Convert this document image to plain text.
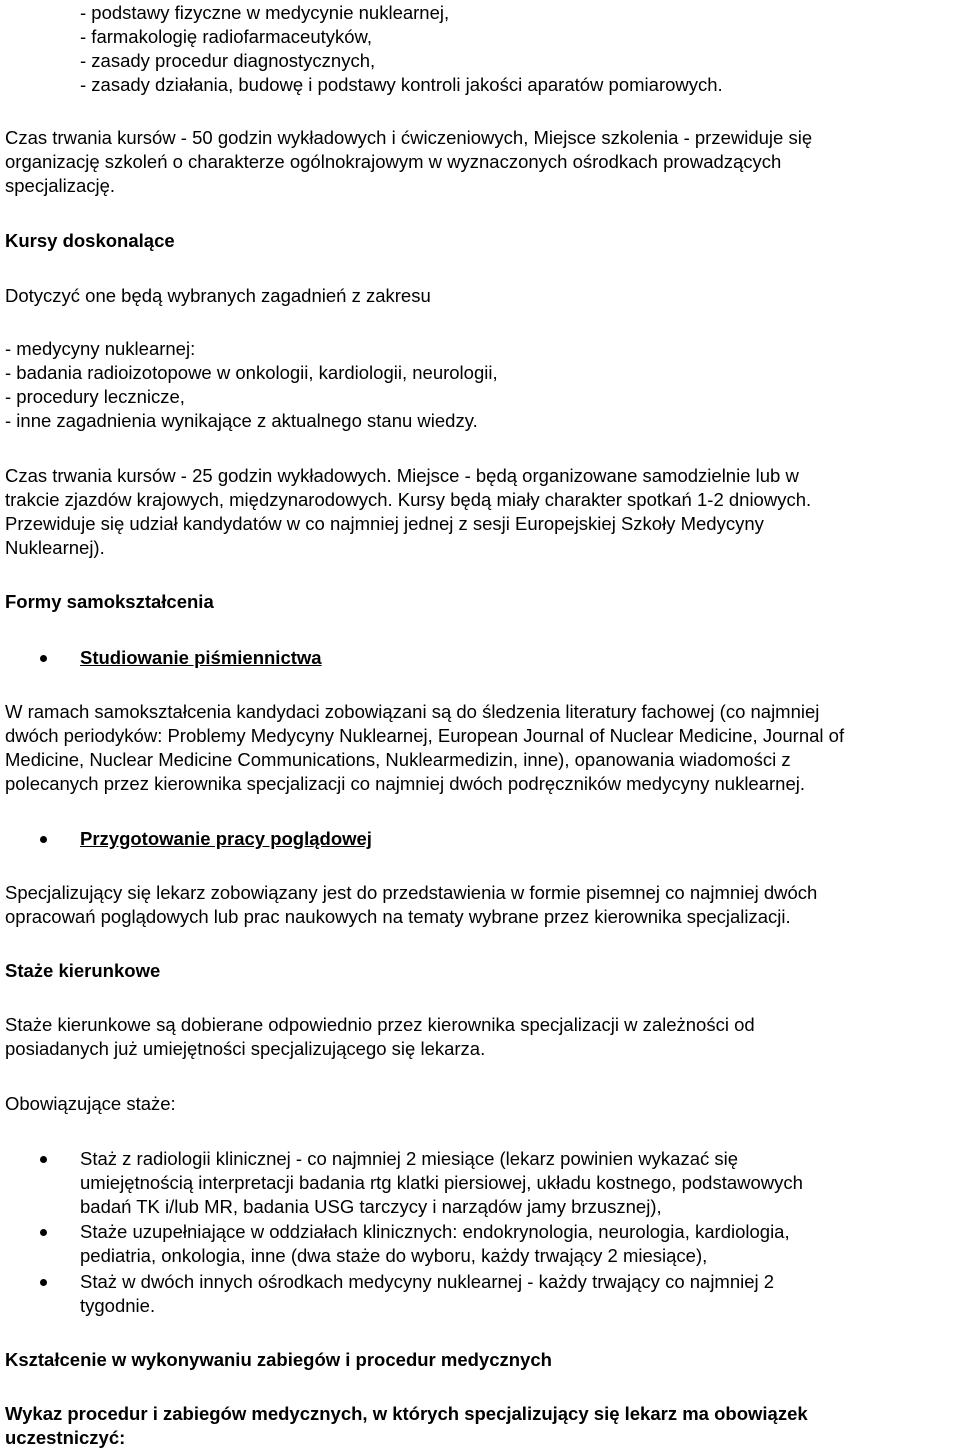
- podstawy fizyczne w medycynie nuklearnej,
- farmakologię radiofarmaceutyków,
- zasady procedur diagnostycznych,
- zasady działania, budowę i podstawy kontroli jakości aparatów pomiarowych.
Czas trwania kursów - 50 godzin wykładowych i ćwiczeniowych, Miejsce szkolenia - przewiduje się
organizację szkoleń o charakterze ogólnokrajowym w wyznaczonych ośrodkach prowadzących
specjalizację.
Kursy doskonalące
Dotyczyć one będą wybranych zagadnień z zakresu
- medycyny nuklearnej:
- badania radioizotopowe w onkologii, kardiologii, neurologii,
- procedury lecznicze,
- inne zagadnienia wynikające z aktualnego stanu wiedzy.
Czas trwania kursów - 25 godzin wykładowych. Miejsce - będą organizowane samodzielnie lub w
trakcie zjazdów krajowych, międzynarodowych. Kursy będą miały charakter spotkań 1-2 dniowych.
Przewiduje się udział kandydatów w co najmniej jednej z sesji Europejskiej Szkoły Medycyny
Nuklearnej).
Formy samokształcenia
Studiowanie piśmiennictwa
W ramach samokształcenia kandydaci zobowiązani są do śledzenia literatury fachowej (co najmniej
dwóch periodyków: Problemy Medycyny Nuklearnej, European Journal of Nuclear Medicine, Journal of
Medicine, Nuclear Medicine Communications, Nuklearmedizin, inne), opanowania wiadomości z
polecanych przez kierownika specjalizacji co najmniej dwóch podręczników medycyny nuklearnej.
Przygotowanie pracy poglądowej
Specjalizujący się lekarz zobowiązany jest do przedstawienia w formie pisemnej co najmniej dwóch
opracowań poglądowych lub prac naukowych na tematy wybrane przez kierownika specjalizacji.
Staże kierunkowe
Staże kierunkowe są dobierane odpowiednio przez kierownika specjalizacji w zależności od
posiadanych już umiejętności specjalizującego się lekarza.
Obowiązujące staże:
Staż z radiologii klinicznej - co najmniej 2 miesiące (lekarz powinien wykazać się
umiejętnością interpretacji badania rtg klatki piersiowej, układu kostnego, podstawowych
badań TK i/lub MR, badania USG tarczycy i narządów jamy brzusznej),
Staże uzupełniające w oddziałach klinicznych: endokrynologia, neurologia, kardiologia,
pediatria, onkologia, inne (dwa staże do wyboru, każdy trwający 2 miesiące),
Staż w dwóch innych ośrodkach medycyny nuklearnej - każdy trwający co najmniej 2
tygodnie.
Kształcenie w wykonywaniu zabiegów i procedur medycznych
Wykaz procedur i zabiegów medycznych, w których specjalizujący się lekarz ma obowiązek
uczestniczyć:
